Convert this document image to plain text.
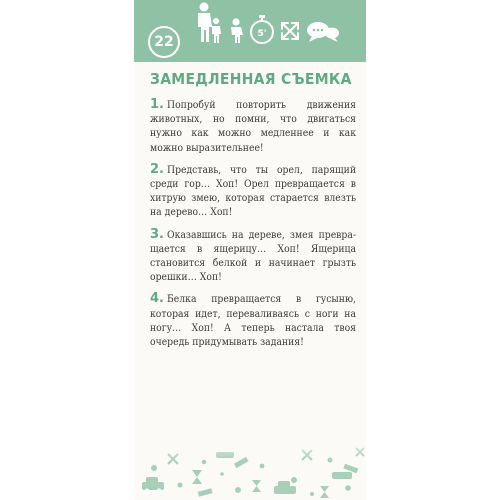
22	5'
ЗАМЕДЛЕННАЯ СЪЕМКА

1. Попробуй повторить движения животных, но помни, что двигаться нужно как можно медленнее и как можно выразительнее!

2. Представь, что ты орел, парящий среди гор… Хоп! Орел превращается в хитрую змею, которая старается влезть на дерево… Хоп!

3. Оказавшись на дереве, змея превращается в ящерицу… Хоп! Ящерица становится белкой и начинает грызть орешки… Хоп!

4. Белка превращается в гусыню, которая идет, переваливаясь с ноги на ногу… Хоп! А теперь настала твоя очередь придумывать задания!
